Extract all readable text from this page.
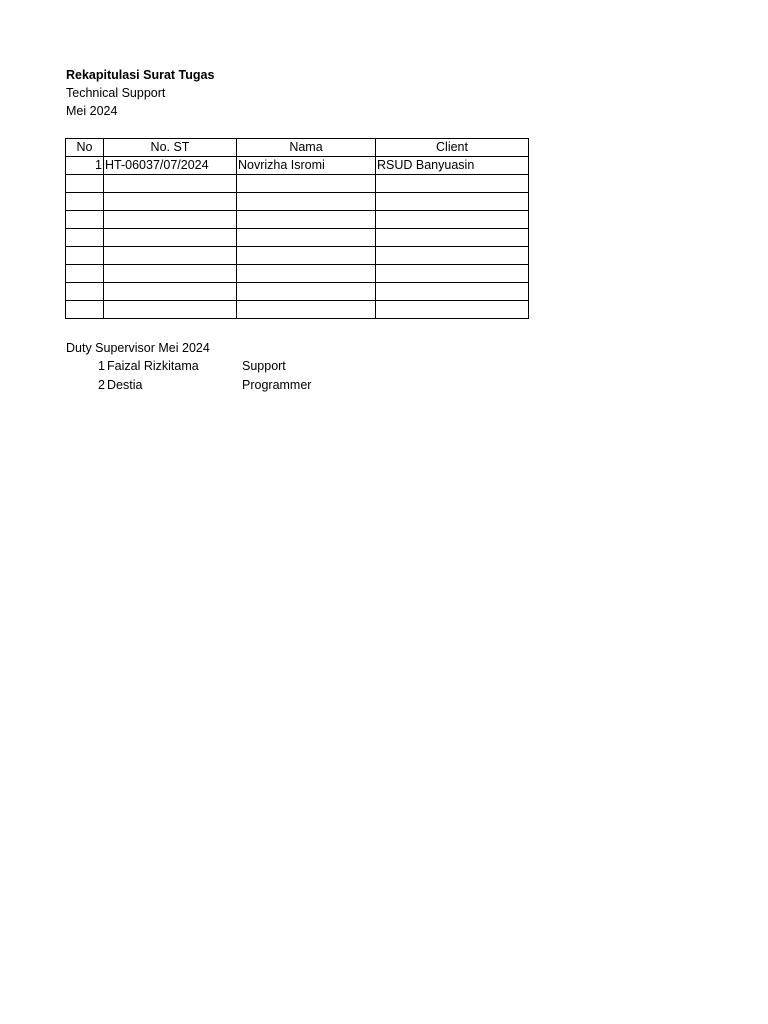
Rekapitulasi Surat Tugas
Technical Support
Mei 2024
No	No. ST	Nama	Client
1	HT-06037/07/2024	Novrizha Isromi	RSUD Banyuasin

Duty Supervisor Mei 2024
1 Faizal Rizkitama	Support
2 Destia	Programmer
